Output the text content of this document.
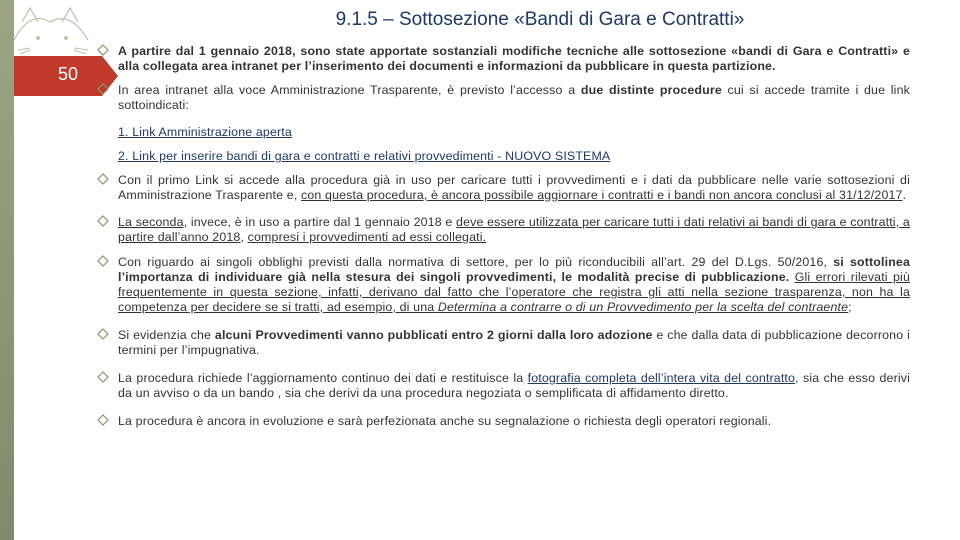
50
9.1.5 – Sottosezione «Bandi di Gara e Contratti»
A partire dal 1 gennaio 2018, sono state apportate sostanziali modifiche tecniche alle sottosezione «bandi di Gara e Contratti» e alla collegata area intranet per l’inserimento dei documenti e informazioni da pubblicare in questa partizione.
In area intranet alla voce Amministrazione Trasparente, è previsto l’accesso a due distinte procedure cui si accede tramite i due link sottoindicati:
1. Link Amministrazione aperta
2. Link per inserire bandi di gara e contratti e relativi provvedimenti - NUOVO SISTEMA
Con il primo Link si accede alla procedura già in uso per caricare tutti i provvedimenti e i dati da pubblicare nelle varie sottosezioni di Amministrazione Trasparente e, con questa procedura, è ancora possibile aggiornare i contratti e i bandi non ancora conclusi al 31/12/2017.
La seconda, invece, è in uso a partire dal 1 gennaio 2018 e deve essere utilizzata per caricare tutti i dati relativi ai bandi di gara e contratti, a partire dall’anno 2018, compresi i provvedimenti ad essi collegati.
Con riguardo ai singoli obblighi previsti dalla normativa di settore, per lo più riconducibili all’art. 29 del D.Lgs. 50/2016, si sottolinea l’importanza di individuare già nella stesura dei singoli provvedimenti, le modalità precise di pubblicazione. Gli errori rilevati più frequentemente in questa sezione, infatti, derivano dal fatto che l’operatore che registra gli atti nella sezione trasparenza, non ha la competenza per decidere se si tratti, ad esempio, di una Determina a contrarre o di un Provvedimento per la scelta del contraente;
Si evidenzia che alcuni Provvedimenti vanno pubblicati entro 2 giorni dalla loro adozione e che dalla data di pubblicazione decorrono i termini per l’impugnativa.
La procedura richiede l’aggiornamento continuo dei dati e restituisce la fotografia completa dell’intera vita del contratto, sia che esso derivi da un avviso o da un bando , sia che derivi da una procedura negoziata o semplificata di affidamento diretto.
La procedura è ancora in evoluzione e sarà perfezionata anche su segnalazione o richiesta degli operatori regionali.
